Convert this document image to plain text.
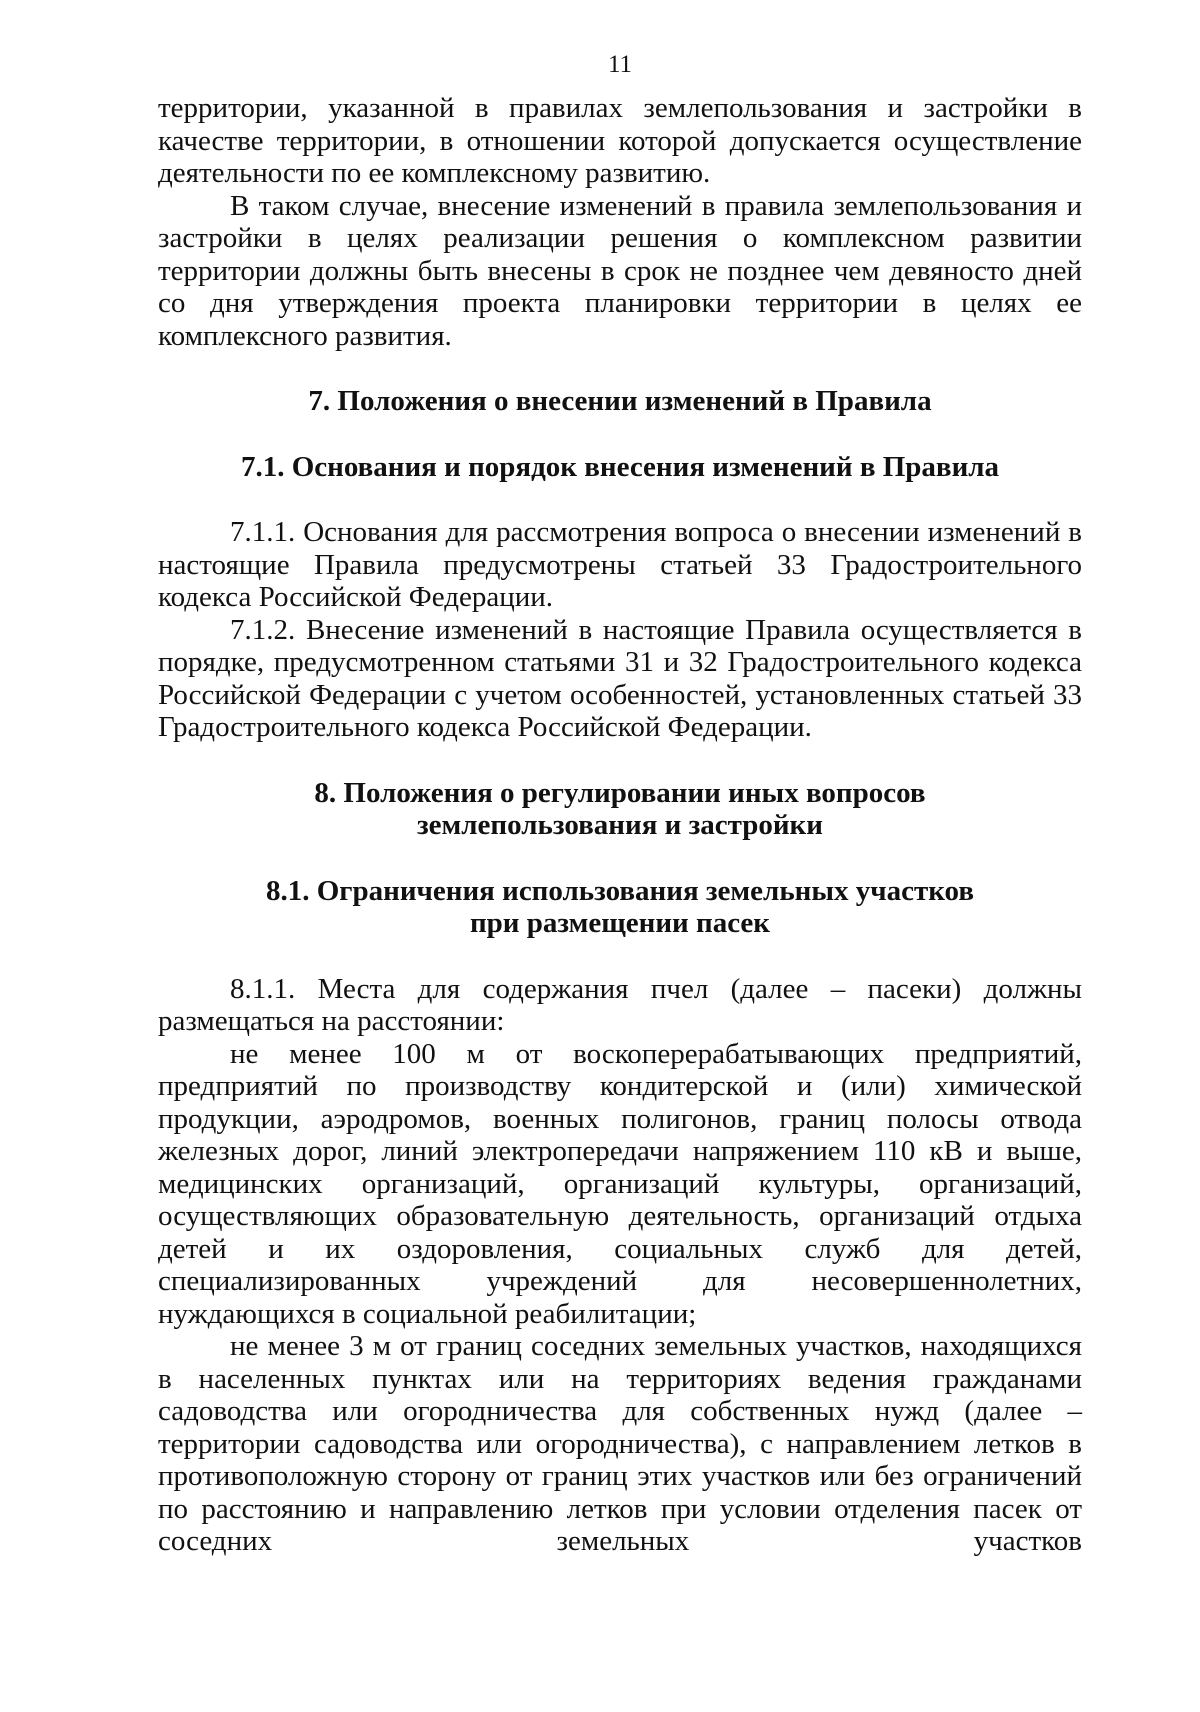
11

территории, указанной в правилах землепользования и застройки в качестве территории, в отношении которой допускается осуществление деятельности по ее комплексному развитию.

В таком случае, внесение изменений в правила землепользования и застройки в целях реализации решения о комплексном развитии территории должны быть внесены в срок не позднее чем девяносто дней со дня утверждения проекта планировки территории в целях ее комплексного развития.

7. Положения о внесении изменений в Правила
7.1. Основания и порядок внесения изменений в Правила

7.1.1. Основания для рассмотрения вопроса о внесении изменений в настоящие Правила предусмотрены статьей 33 Градостроительного кодекса Российской Федерации.

7.1.2. Внесение изменений в настоящие Правила осуществляется в порядке, предусмотренном статьями 31 и 32 Градостроительного кодекса Российской Федерации с учетом особенностей, установленных статьей 33 Градостроительного кодекса Российской Федерации.

8. Положения о регулировании иных вопросов
землепользования и застройки
8.1. Ограничения использования земельных участков
при размещении пасек

8.1.1. Места для содержания пчел (далее – пасеки) должны размещаться на расстоянии:

не менее 100 м от воскоперерабатывающих предприятий, предприятий по производству кондитерской и (или) химической продукции, аэродромов, военных полигонов, границ полосы отвода железных дорог, линий электропередачи напряжением 110 кВ и выше, медицинских организаций, организаций культуры, организаций, осуществляющих образовательную деятельность, организаций отдыха детей и их оздоровления, социальных служб для детей, специализированных учреждений для несовершеннолетних, нуждающихся в социальной реабилитации;

не менее 3 м от границ соседних земельных участков, находящихся в населенных пунктах или на территориях ведения гражданами садоводства или огородничества для собственных нужд (далее – территории садоводства или огородничества), с направлением летков в противоположную сторону от границ этих участков или без ограничений по расстоянию и направлению летков при условии отделения пасек от соседних земельных участков
